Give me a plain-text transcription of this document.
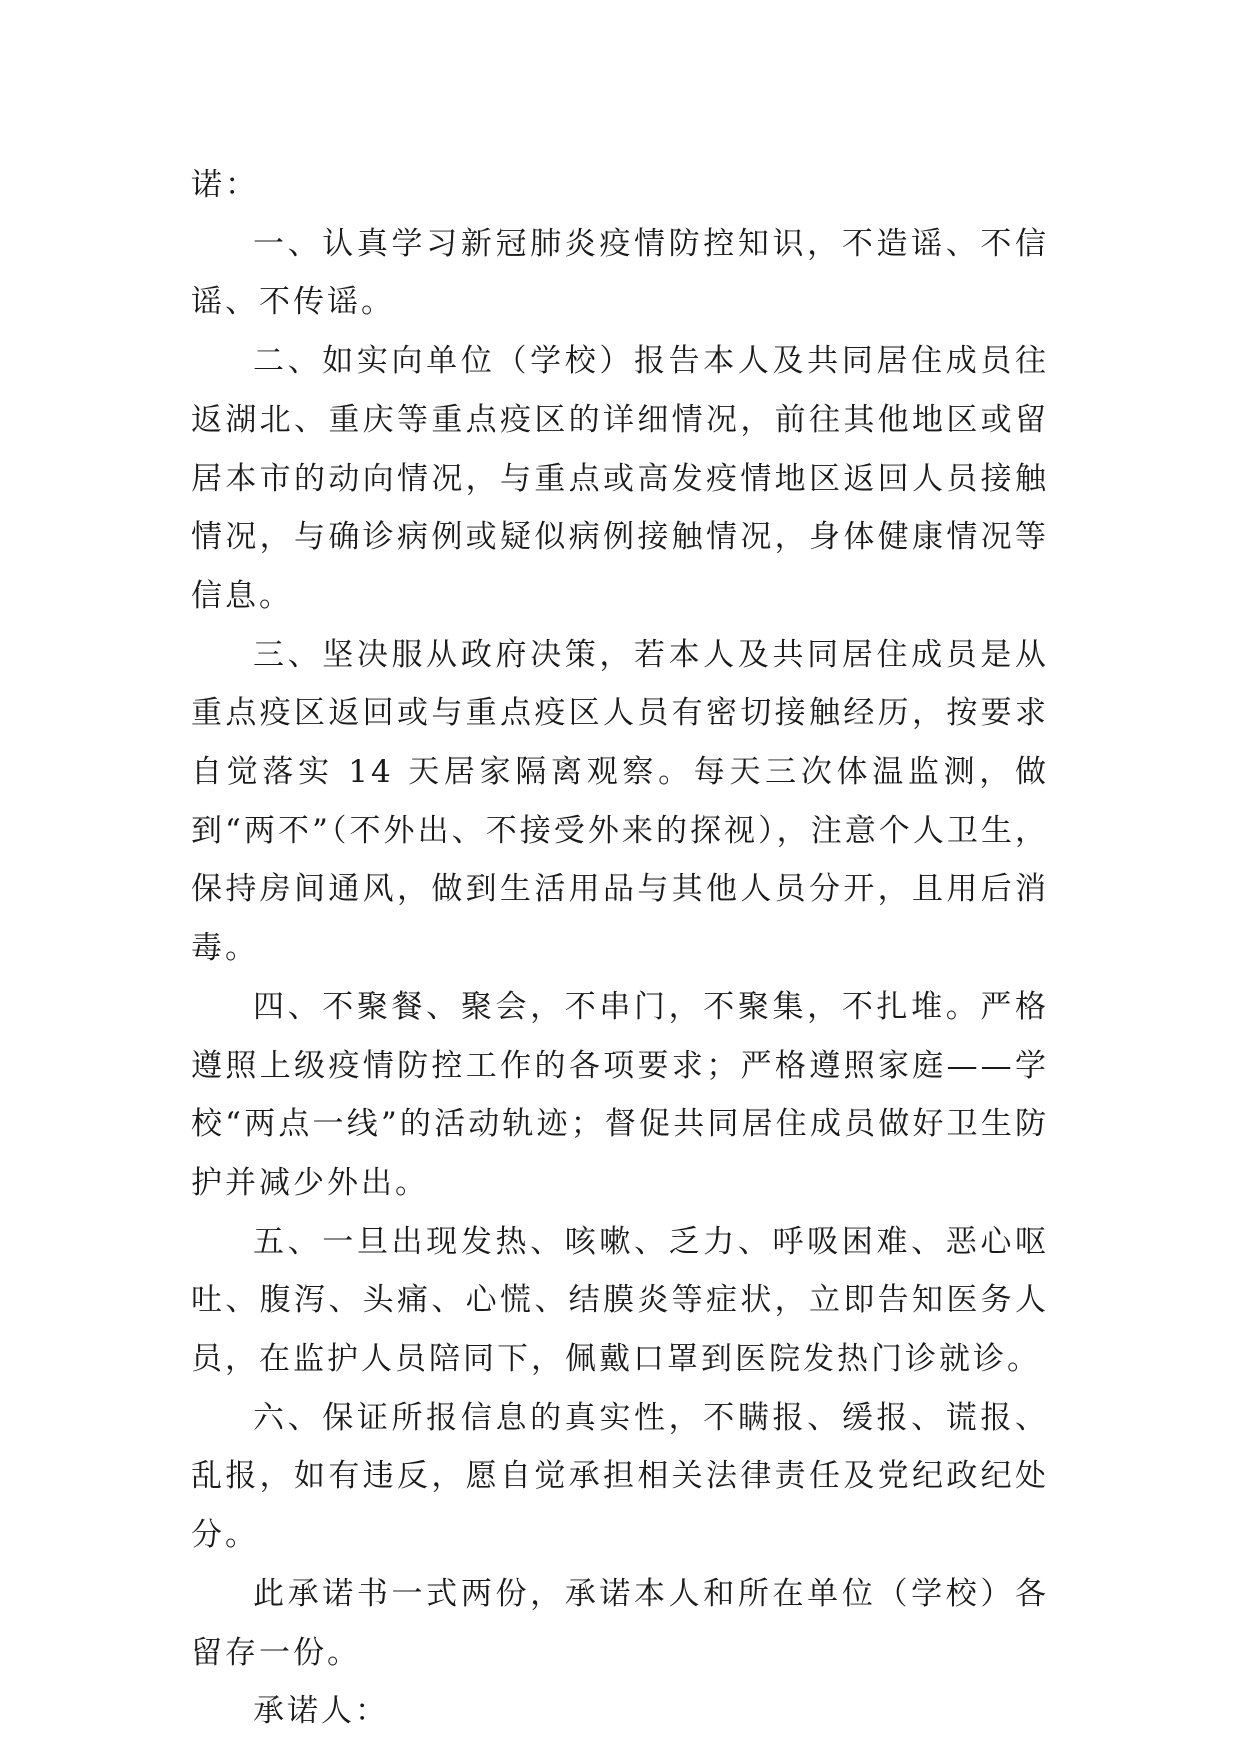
诺：

一、认真学习新冠肺炎疫情防控知识，不造谣、不信谣、不传谣。

二、如实向单位（学校）报告本人及共同居住成员往返湖北、重庆等重点疫区的详细情况，前往其他地区或留居本市的动向情况，与重点或高发疫情地区返回人员接触情况，与确诊病例或疑似病例接触情况，身体健康情况等信息。

三、坚决服从政府决策，若本人及共同居住成员是从重点疫区返回或与重点疫区人员有密切接触经历，按要求自觉落实 14 天居家隔离观察。每天三次体温监测，做到“两不”（不外出、不接受外来的探视），注意个人卫生，保持房间通风，做到生活用品与其他人员分开，且用后消毒。

四、不聚餐、聚会，不串门，不聚集，不扎堆。严格遵照上级疫情防控工作的各项要求；严格遵照家庭——学校“两点一线”的活动轨迹；督促共同居住成员做好卫生防护并减少外出。

五、一旦出现发热、咳嗽、乏力、呼吸困难、恶心呕吐、腹泻、头痛、心慌、结膜炎等症状，立即告知医务人员，在监护人员陪同下，佩戴口罩到医院发热门诊就诊。

六、保证所报信息的真实性，不瞒报、缓报、谎报、乱报，如有违反，愿自觉承担相关法律责任及党纪政纪处分。

此承诺书一式两份，承诺本人和所在单位（学校）各留存一份。

承诺人：
